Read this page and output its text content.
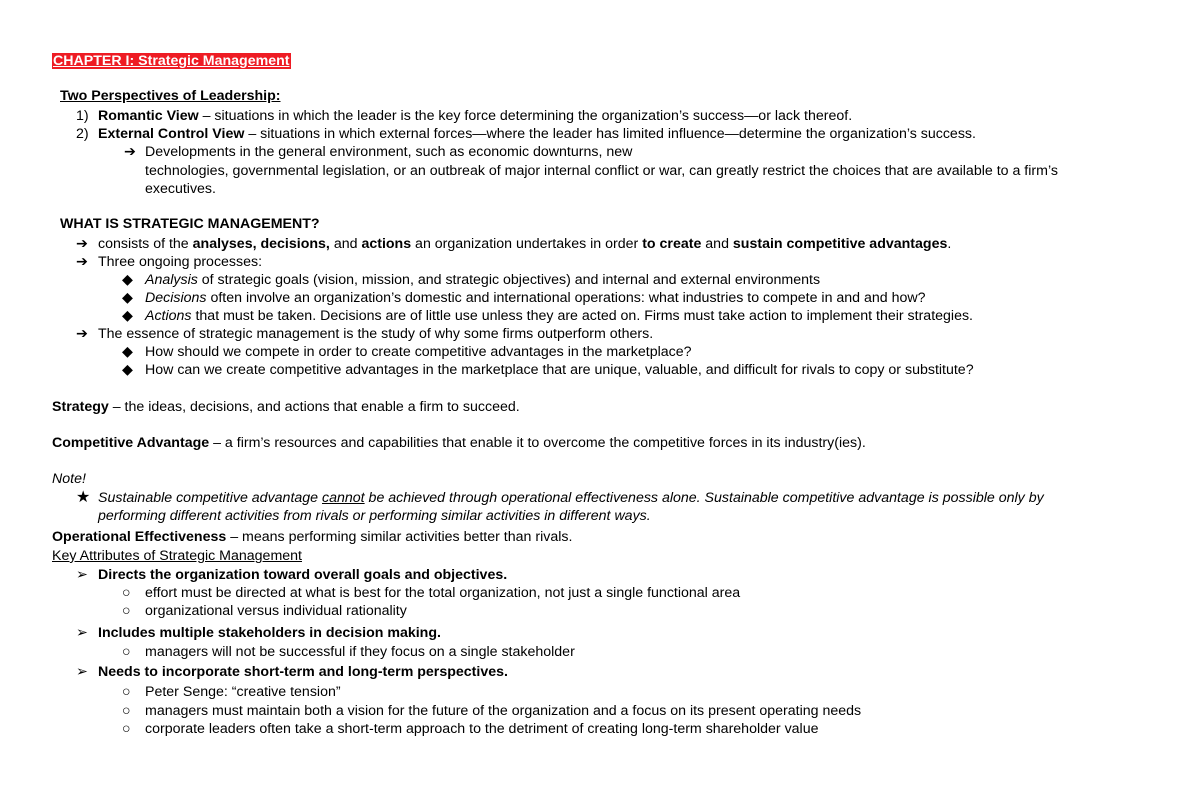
CHAPTER I: Strategic Management
Two Perspectives of Leadership:
1) Romantic View – situations in which the leader is the key force determining the organization’s success—or lack thereof.
2) External Control View – situations in which external forces—where the leader has limited influence—determine the organization’s success.
➔ Developments in the general environment, such as economic downturns, new
technologies, governmental legislation, or an outbreak of major internal conflict or war, can greatly restrict the choices that are available to a firm’s
executives.
WHAT IS STRATEGIC MANAGEMENT?
➔ consists of the analyses, decisions, and actions an organization undertakes in order to create and sustain competitive advantages.
➔ Three ongoing processes:
◆ Analysis of strategic goals (vision, mission, and strategic objectives) and internal and external environments
◆ Decisions often involve an organization’s domestic and international operations: what industries to compete in and and how?
◆ Actions that must be taken. Decisions are of little use unless they are acted on. Firms must take action to implement their strategies.
➔ The essence of strategic management is the study of why some firms outperform others.
◆ How should we compete in order to create competitive advantages in the marketplace?
◆ How can we create competitive advantages in the marketplace that are unique, valuable, and difficult for rivals to copy or substitute?
Strategy – the ideas, decisions, and actions that enable a firm to succeed.
Competitive Advantage – a firm’s resources and capabilities that enable it to overcome the competitive forces in its industry(ies).
Note!
★ Sustainable competitive advantage cannot be achieved through operational effectiveness alone. Sustainable competitive advantage is possible only by
performing different activities from rivals or performing similar activities in different ways.
Operational Effectiveness – means performing similar activities better than rivals.
Key Attributes of Strategic Management
➢ Directs the organization toward overall goals and objectives.
○ effort must be directed at what is best for the total organization, not just a single functional area
○ organizational versus individual rationality
➢ Includes multiple stakeholders in decision making.
○ managers will not be successful if they focus on a single stakeholder
➢ Needs to incorporate short-term and long-term perspectives.
○ Peter Senge: “creative tension”
○ managers must maintain both a vision for the future of the organization and a focus on its present operating needs
○ corporate leaders often take a short-term approach to the detriment of creating long-term shareholder value
